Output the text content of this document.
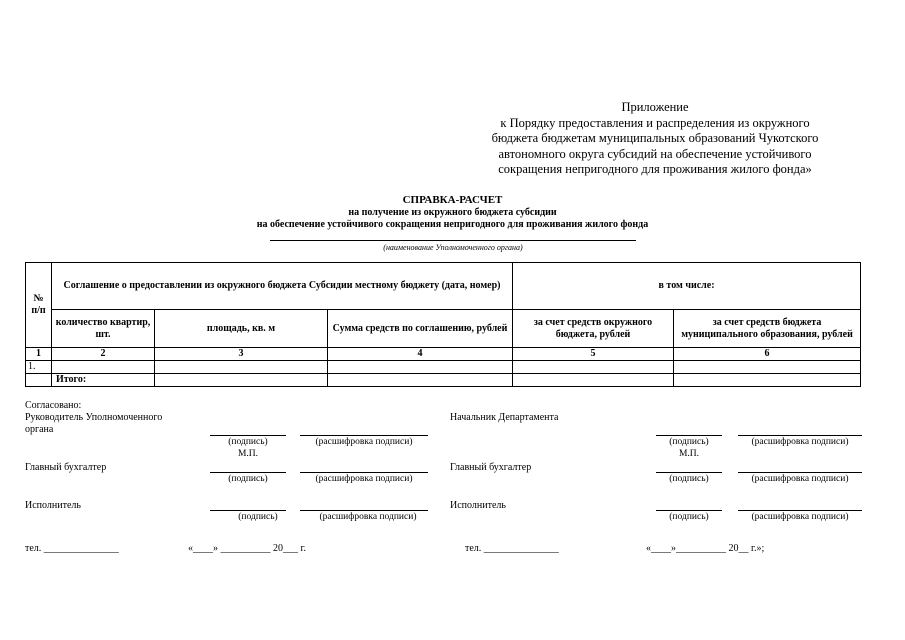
Приложение
к Порядку предоставления и распределения из окружного
бюджета бюджетам муниципальных образований Чукотского
автономного округа субсидий на обеспечение устойчивого
сокращения непригодного для проживания жилого фонда»
СПРАВКА-РАСЧЕТ
на получение из окружного бюджета субсидии
на обеспечение устойчивого сокращения непригодного для проживания жилого фонда
(наименование Уполномоченного органа)
№ п/п	Соглашение о предоставлении из окружного бюджета Субсидии местному бюджету (дата, номер)			в том числе:	
	количество квартир, шт.	площадь, кв. м	Сумма средств по соглашению, рублей	за счет средств окружного бюджета, рублей	за счет средств бюджета муниципального образования, рублей
1	2	3	4	5	6
1.					
	Итого:				
Согласовано:
Руководитель Уполномоченного
органа
(подпись)	(расшифровка подписи)
М.П.
Главный бухгалтер
(подпись)	(расшифровка подписи)
Исполнитель
(подпись)	(расшифровка подписи)
Начальник Департамента
(подпись)	(расшифровка подписи)
М.П.
Главный бухгалтер
(подпись)	(расшифровка подписи)
Исполнитель
(подпись)	(расшифровка подписи)
тел. _______________	«____» __________ 20___ г.	тел. _______________	«____»__________ 20__ г.»;
